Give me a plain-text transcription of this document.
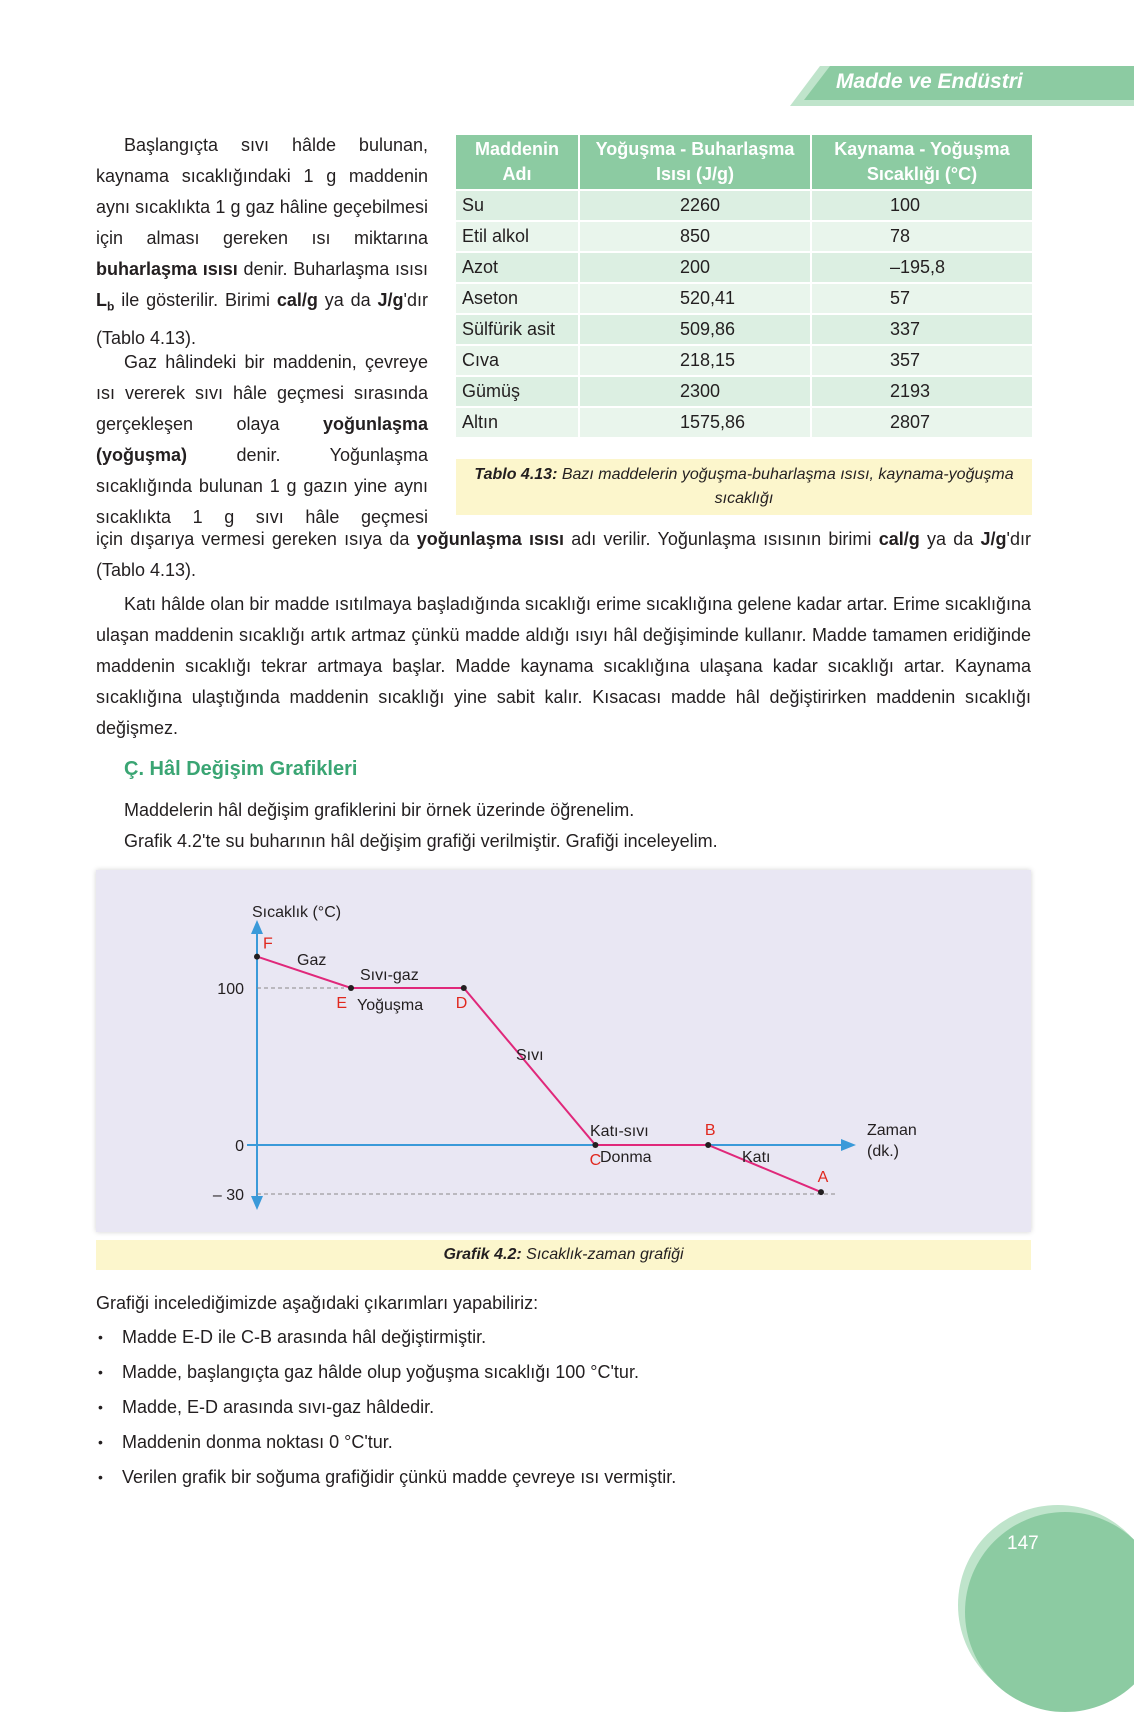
Madde ve Endüstri

Başlangıçta sıvı hâlde bulunan, kaynama sıcaklığındaki 1 g maddenin aynı sıcaklıkta 1 g gaz hâline geçebilmesi için alması gereken ısı miktarına buharlaşma ısısı denir. Buharlaşma ısısı $L_b$ ile gösterilir. Birimi cal/g ya da J/g'dır (Tablo 4.13).

Gaz hâlindeki bir maddenin, çevreye ısı vererek sıvı hâle geçmesi sırasında gerçekleşen olaya yoğunlaşma (yoğuşma) denir. Yoğunlaşma sıcaklığında bulunan 1 g gazın yine aynı sıcaklıkta 1 g sıvı hâle geçmesi

için dışarıya vermesi gereken ısıya da yoğunlaşma ısısı adı verilir. Yoğunlaşma ısısının birimi cal/g ya da J/g'dır (Tablo 4.13).

Katı hâlde olan bir madde ısıtılmaya başladığında sıcaklığı erime sıcaklığına gelene kadar artar. Erime sıcaklığına ulaşan maddenin sıcaklığı artık artmaz çünkü madde aldığı ısıyı hâl değişiminde kullanır. Madde tamamen eridiğinde maddenin sıcaklığı tekrar artmaya başlar. Madde kaynama sıcaklığına ulaşana kadar sıcaklığı artar. Kaynama sıcaklığına ulaştığında maddenin sıcaklığı yine sabit kalır. Kısacası madde hâl değiştirirken maddenin sıcaklığı değişmez.

Maddenin Adı	Yoğuşma - Buharlaşma Isısı (J/g)	Kaynama - Yoğuşma Sıcaklığı (°C)
Su	2260	100
Etil alkol	850	78
Azot	200	–195,8
Aseton	520,41	57
Sülfürik asit	509,86	337
Cıva	218,15	357
Gümüş	2300	2193
Altın	1575,86	2807
Tablo 4.13: Bazı maddelerin yoğuşma-buharlaşma ısısı, kaynama-yoğuşma sıcaklığı
Ç. Hâl Değişim Grafikleri
Maddelerin hâl değişim grafiklerini bir örnek üzerinde öğrenelim.
Grafik 4.2'te su buharının hâl değişim grafiği verilmiştir. Grafiği inceleyelim.
Sıcaklık (°C)
Zaman
(dk.)
100
0
– 30
F
E	D
C
B
A
Gaz
Sıvı-gaz
Yoğuşma
Sıvı
Katı-sıvı
Donma	Katı
Grafik 4.2: Sıcaklık-zaman grafiği
Grafiği incelediğimizde aşağıdaki çıkarımları yapabiliriz:
• Madde E-D ile C-B arasında hâl değiştirmiştir.
• Madde, başlangıçta gaz hâlde olup yoğuşma sıcaklığı 100 °C'tur.
• Madde, E-D arasında sıvı-gaz hâldedir.
• Maddenin donma noktası 0 °C'tur.
• Verilen grafik bir soğuma grafiğidir çünkü madde çevreye ısı vermiştir.
147
